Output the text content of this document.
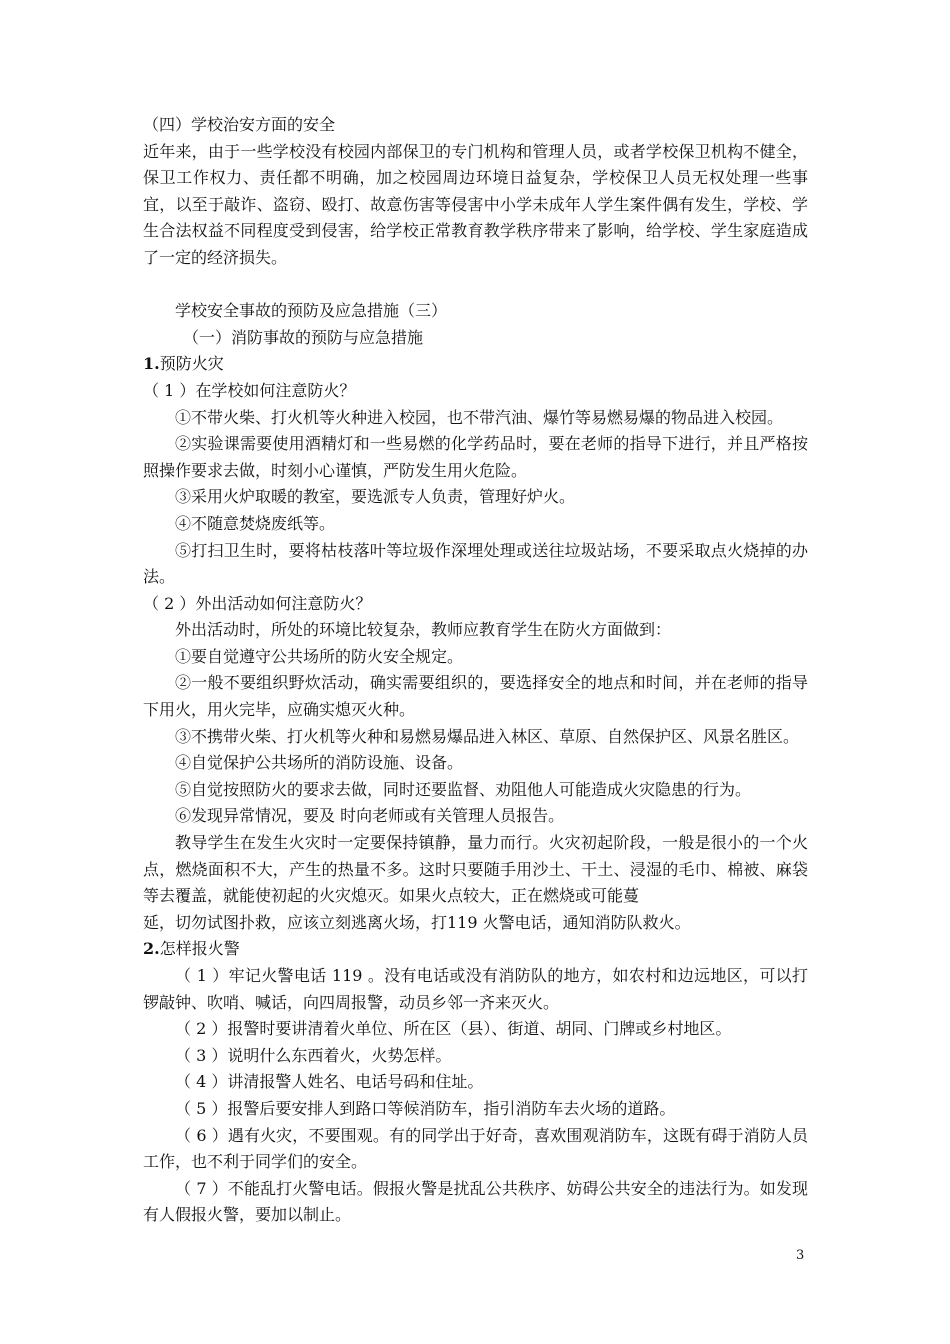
（四）学校治安方面的安全

近年来，由于一些学校没有校园内部保卫的专门机构和管理人员，或者学校保卫机构不健全，保卫工作权力、责任都不明确，加之校园周边环境日益复杂，学校保卫人员无权处理一些事宜，以至于敲诈、盗窃、殴打、故意伤害等侵害中小学未成年人学生案件偶有发生，学校、学生合法权益不同程度受到侵害，给学校正常教育教学秩序带来了影响，给学校、学生家庭造成了一定的经济损失。

学校安全事故的预防及应急措施（三）

（一）消防事故的预防与应急措施

1.预防火灾

（ 1 ）在学校如何注意防火？

①不带火柴、打火机等火种进入校园，也不带汽油、爆竹等易燃易爆的物品进入校园。

②实验课需要使用酒精灯和一些易燃的化学药品时，要在老师的指导下进行，并且严格按照操作要求去做，时刻小心谨慎，严防发生用火危险。

③采用火炉取暖的教室，要选派专人负责，管理好炉火。

④不随意焚烧废纸等。

⑤打扫卫生时，要将枯枝落叶等垃圾作深埋处理或送往垃圾站场，不要采取点火烧掉的办法。

（ 2 ）外出活动如何注意防火？

外出活动时，所处的环境比较复杂，教师应教育学生在防火方面做到：

①要自觉遵守公共场所的防火安全规定。

②一般不要组织野炊活动，确实需要组织的，要选择安全的地点和时间，并在老师的指导下用火，用火完毕，应确实熄灭火种。

③不携带火柴、打火机等火种和易燃易爆品进入林区、草原、自然保护区、风景名胜区。

④自觉保护公共场所的消防设施、设备。

⑤自觉按照防火的要求去做，同时还要监督、劝阻他人可能造成火灾隐患的行为。

⑥发现异常情况，要及 时向老师或有关管理人员报告。

教导学生在发生火灾时一定要保持镇静，量力而行。火灾初起阶段，一般是很小的一个火点，燃烧面积不大，产生的热量不多。这时只要随手用沙土、干土、浸湿的毛巾、棉被、麻袋等去覆盖，就能使初起的火灾熄灭。如果火点较大，正在燃烧或可能蔓

延，切勿试图扑救，应该立刻逃离火场，打119 火警电话，通知消防队救火。

2.怎样报火警

（ 1 ）牢记火警电话 119 。没有电话或没有消防队的地方，如农村和边远地区，可以打锣敲钟、吹哨、喊话，向四周报警，动员乡邻一齐来灭火。

（ 2 ）报警时要讲清着火单位、所在区（县）、街道、胡同、门牌或乡村地区。

（ 3 ）说明什么东西着火，火势怎样。

（ 4 ）讲清报警人姓名、电话号码和住址。

（ 5 ）报警后要安排人到路口等候消防车，指引消防车去火场的道路。

（ 6 ）遇有火灾，不要围观。有的同学出于好奇，喜欢围观消防车，这既有碍于消防人员工作，也不利于同学们的安全。

（ 7 ）不能乱打火警电话。假报火警是扰乱公共秩序、妨碍公共安全的违法行为。如发现有人假报火警，要加以制止。

3
